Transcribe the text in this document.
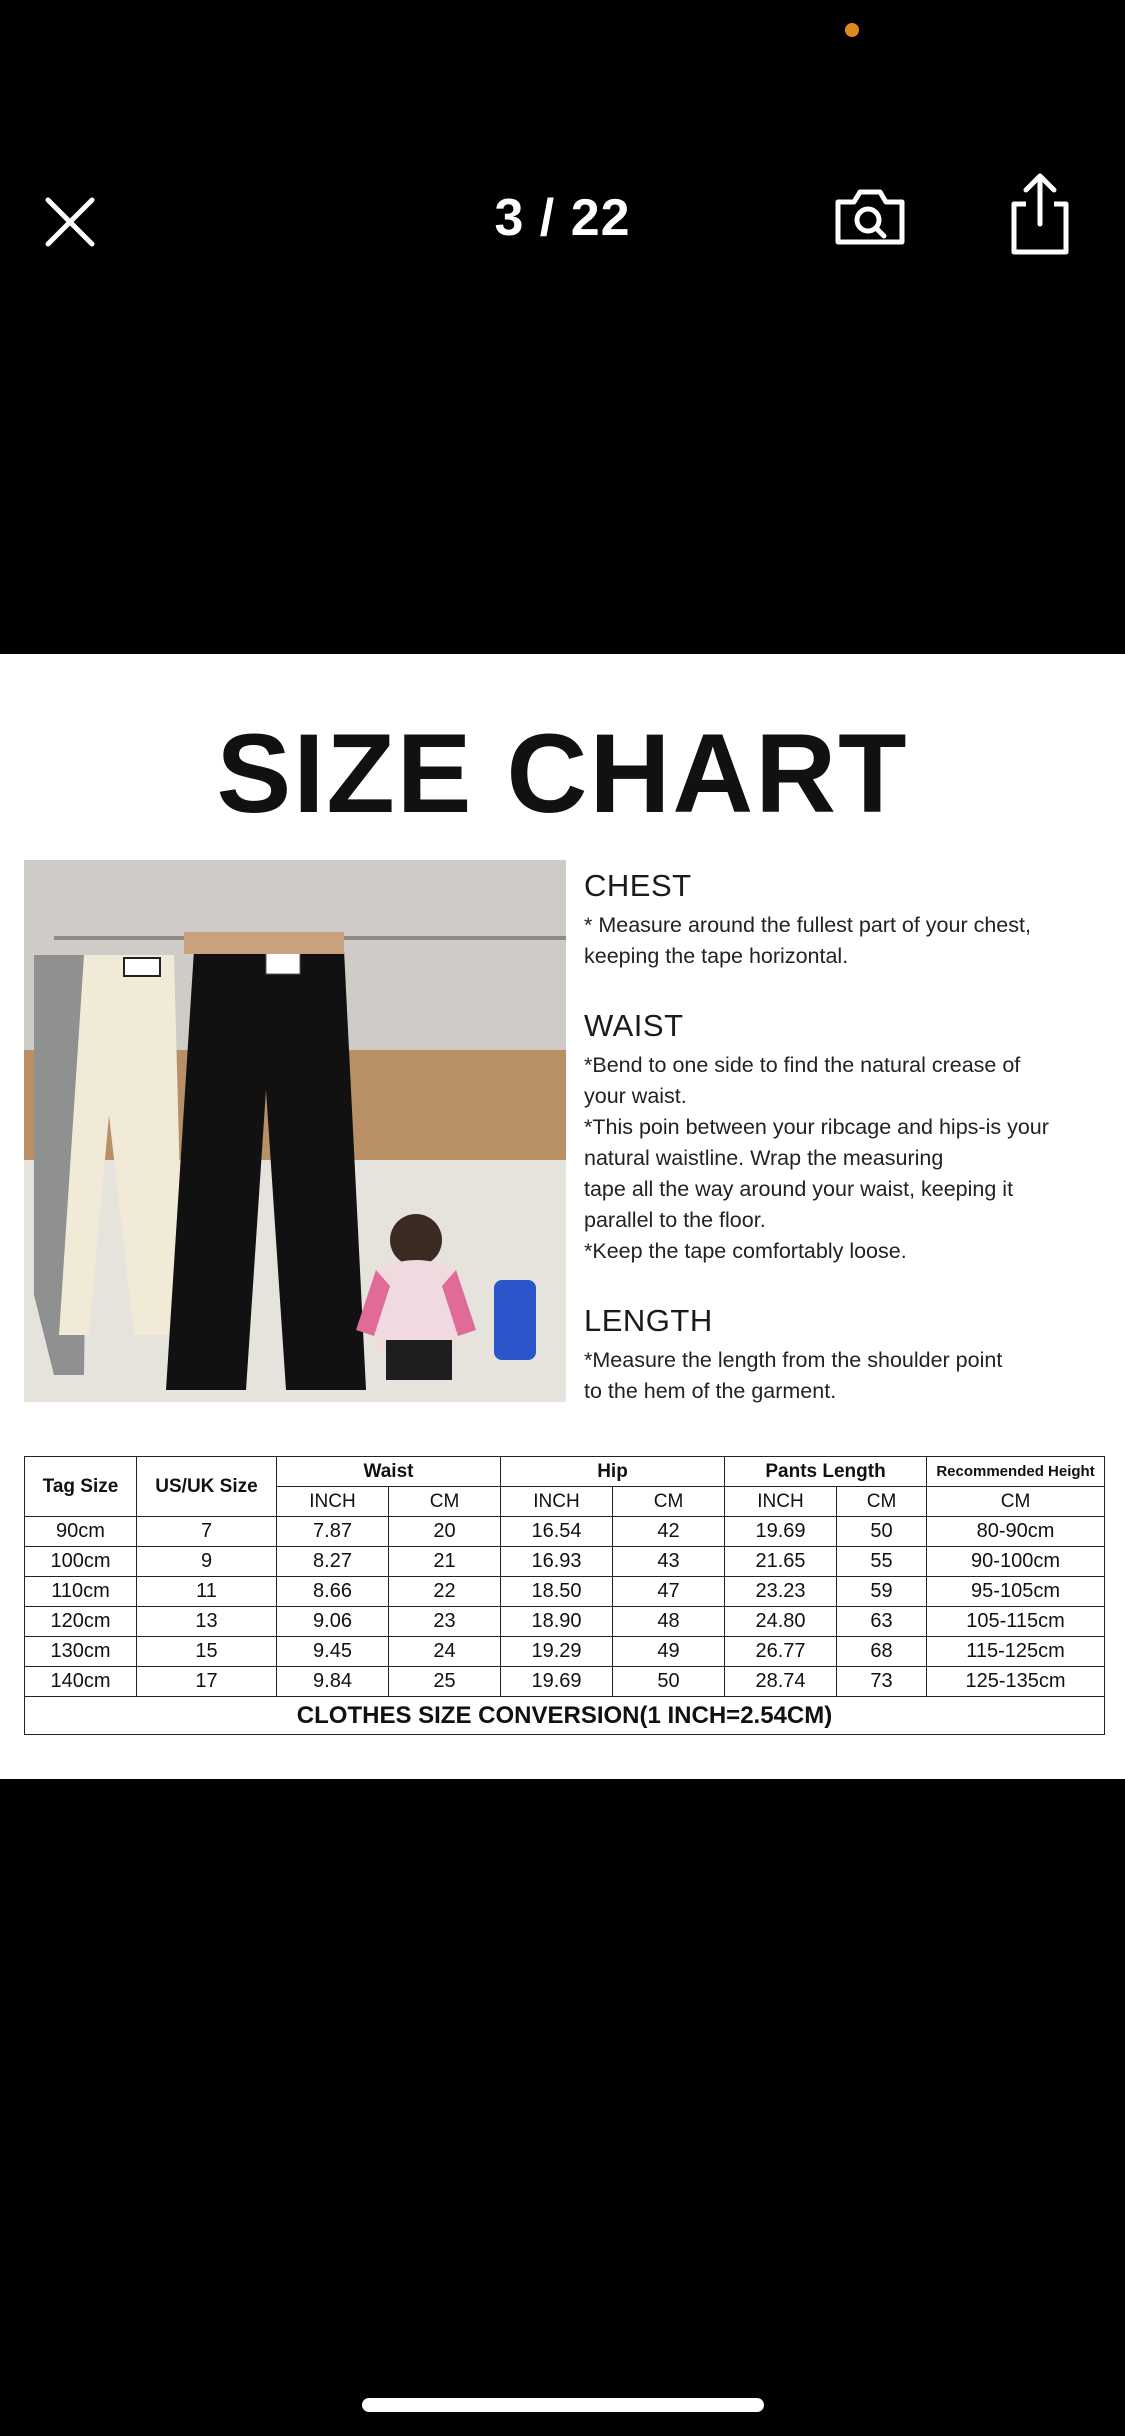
3 / 22
SIZE CHART
CHEST
* Measure around the fullest part of your chest,
keeping the tape horizontal.
WAIST
*Bend to one side to find the natural crease of
your waist.
*This poin between your ribcage and hips-is your
natural waistline. Wrap the measuring
tape all the way around your waist, keeping it
parallel to the floor.
*Keep the tape comfortably loose.
LENGTH
*Measure the length from the shoulder point
to the hem of the garment.
Tag Size	US/UK Size	Waist		Hip		Pants Length		Recommended Height
		INCH	CM	INCH	CM	INCH	CM	CM
90cm	7	7.87	20	16.54	42	19.69	50	80-90cm
100cm	9	8.27	21	16.93	43	21.65	55	90-100cm
110cm	11	8.66	22	18.50	47	23.23	59	95-105cm
120cm	13	9.06	23	18.90	48	24.80	63	105-115cm
130cm	15	9.45	24	19.29	49	26.77	68	115-125cm
140cm	17	9.84	25	19.69	50	28.74	73	125-135cm
CLOTHES SIZE CONVERSION(1 INCH=2.54CM)								
